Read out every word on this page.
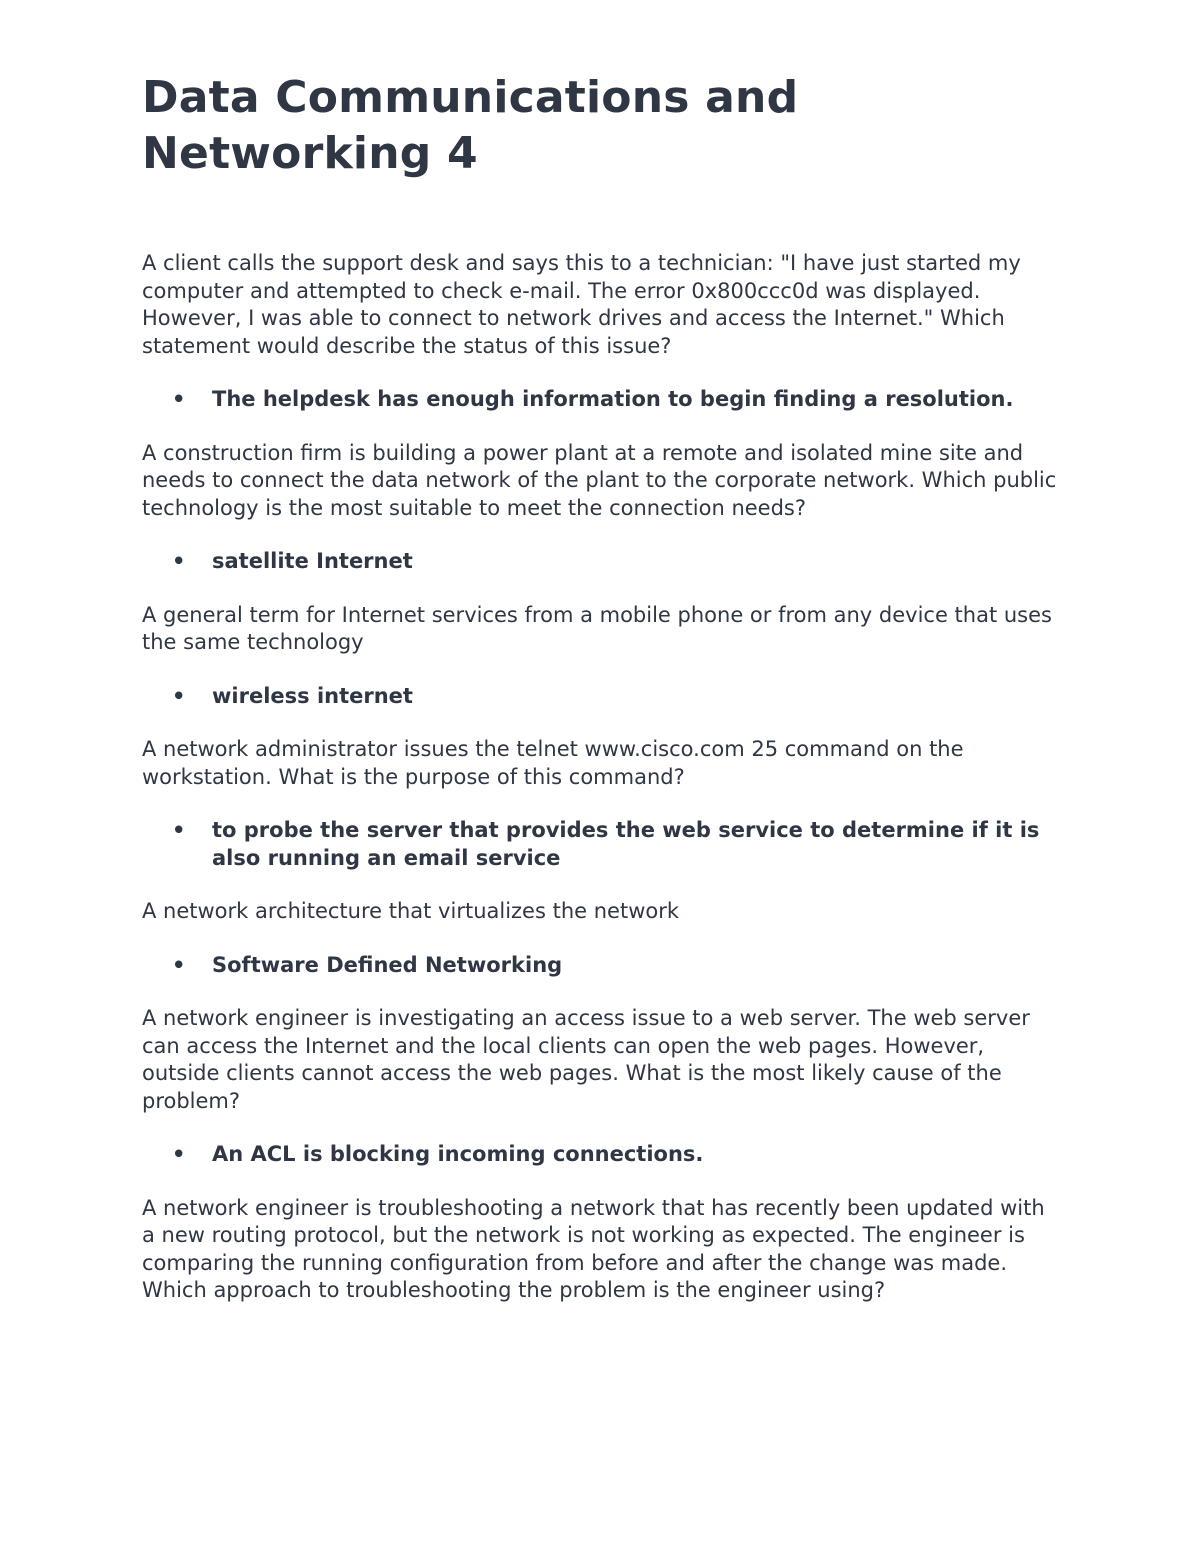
Data Communications and Networking 4

A client calls the support desk and says this to a technician: "I have just started my computer and attempted to check e-mail. The error 0x800ccc0d was displayed. However, I was able to connect to network drives and access the Internet." Which statement would describe the status of this issue?

• The helpdesk has enough information to begin finding a resolution.

A construction firm is building a power plant at a remote and isolated mine site and needs to connect the data network of the plant to the corporate network. Which public technology is the most suitable to meet the connection needs?

• satellite Internet

A general term for Internet services from a mobile phone or from any device that uses the same technology

• wireless internet

A network administrator issues the telnet www.cisco.com 25 command on the workstation. What is the purpose of this command?

• to probe the server that provides the web service to determine if it is also running an email service

A network architecture that virtualizes the network

• Software Defined Networking

A network engineer is investigating an access issue to a web server. The web server can access the Internet and the local clients can open the web pages. However, outside clients cannot access the web pages. What is the most likely cause of the problem?

• An ACL is blocking incoming connections.

A network engineer is troubleshooting a network that has recently been updated with a new routing protocol, but the network is not working as expected. The engineer is comparing the running configuration from before and after the change was made. Which approach to troubleshooting the problem is the engineer using?
